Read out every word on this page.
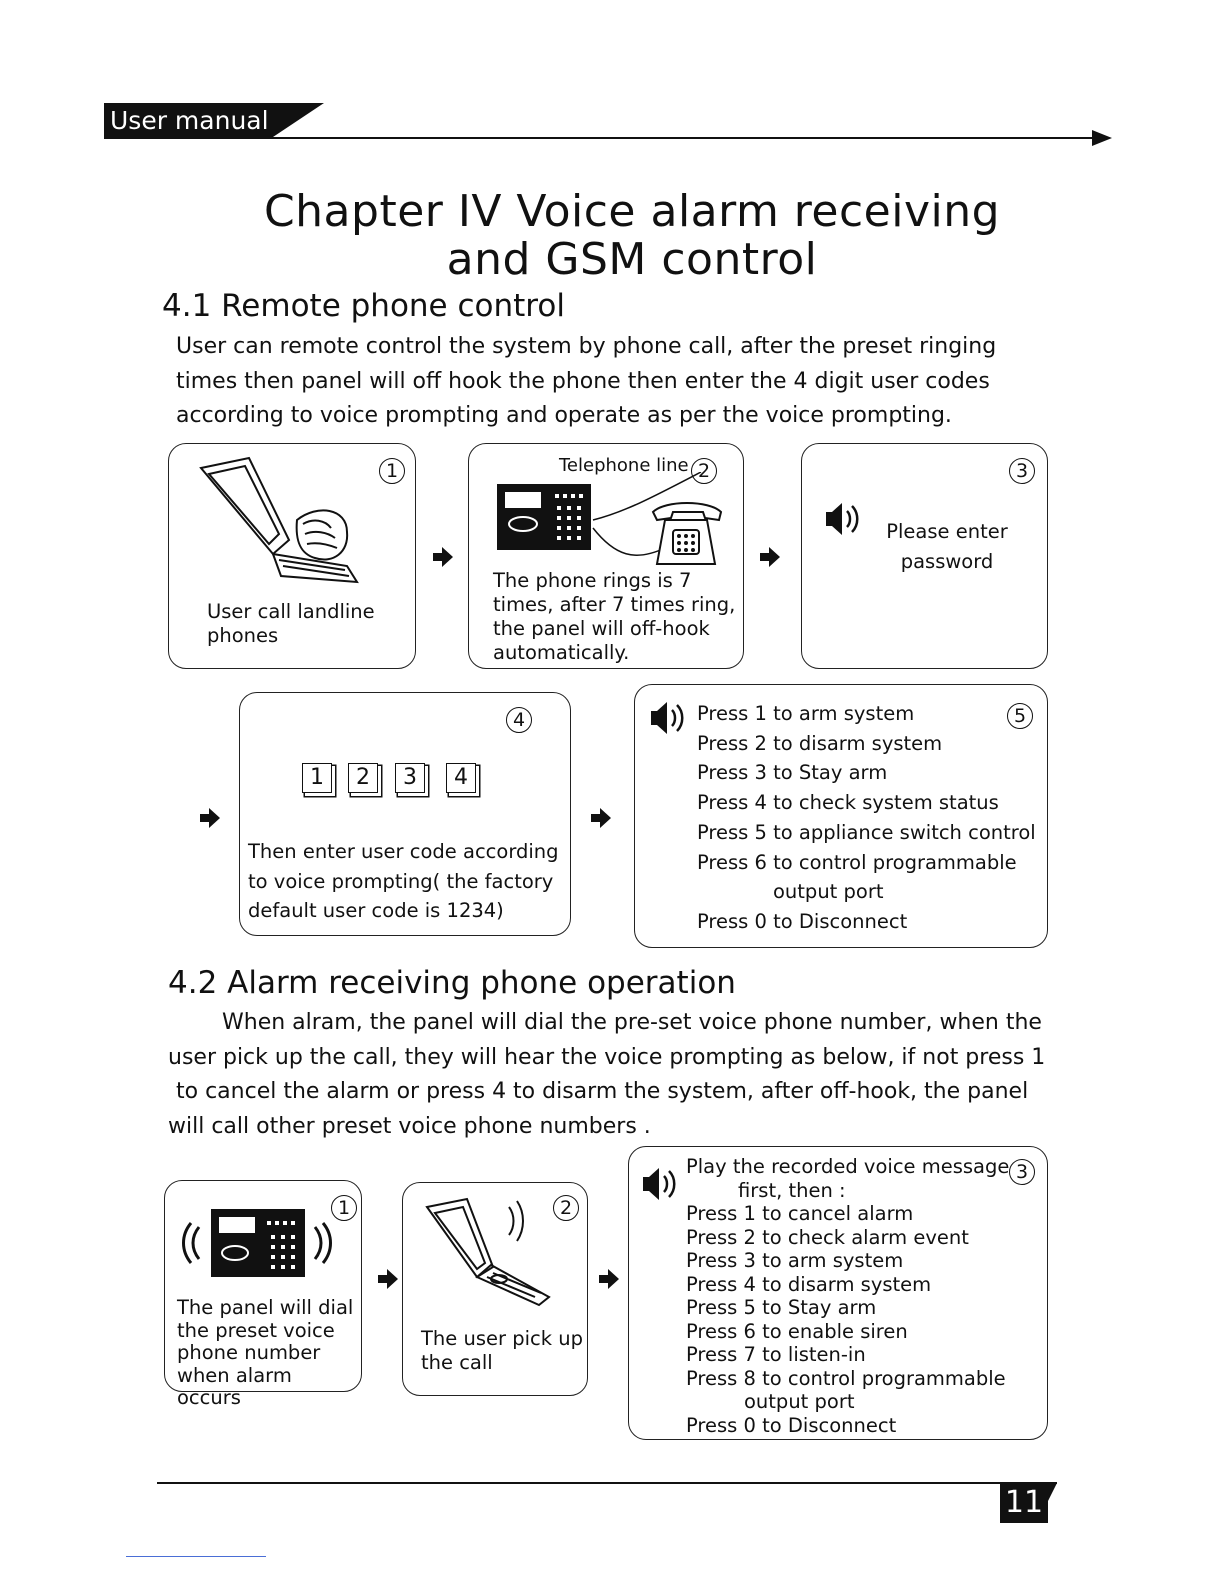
User manual
Chapter IV Voice alarm receiving
and GSM control
4.1 Remote phone control
User can remote control the system by phone call, after the preset ringing
times then panel will off hook the phone then enter the 4 digit user codes
according to voice prompting and operate as per the voice prompting.
1
User call landline
phones
Telephone line 2
The phone rings is 7
times, after 7 times ring,
the panel will off-hook
automatically.
3
Please enter
password
4
1	2	3	4
Then enter user code according
to voice prompting( the factory
default user code is 1234)
5
Press 1 to arm system
Press 2 to disarm system
Press 3 to Stay arm
Press 4 to check system status
Press 5 to appliance switch control
Press 6 to control programmable
output port
Press 0 to Disconnect
4.2 Alarm receiving phone operation
When alram, the panel will dial the pre-set voice phone number, when the
user pick up the call, they will hear the voice prompting as below, if not press 1
to cancel the alarm or press 4 to disarm the system, after off-hook, the panel
will call other preset voice phone numbers .
1
The panel will dial
the preset voice
phone number
when alarm occurs
2
The user pick up
the call
3
Play the recorded voice message
first, then :
Press 1 to cancel alarm
Press 2 to check alarm event
Press 3 to arm system
Press 4 to disarm system
Press 5 to Stay arm
Press 6 to enable siren
Press 7 to listen-in
Press 8 to control programmable
output port
Press 0 to Disconnect
11
